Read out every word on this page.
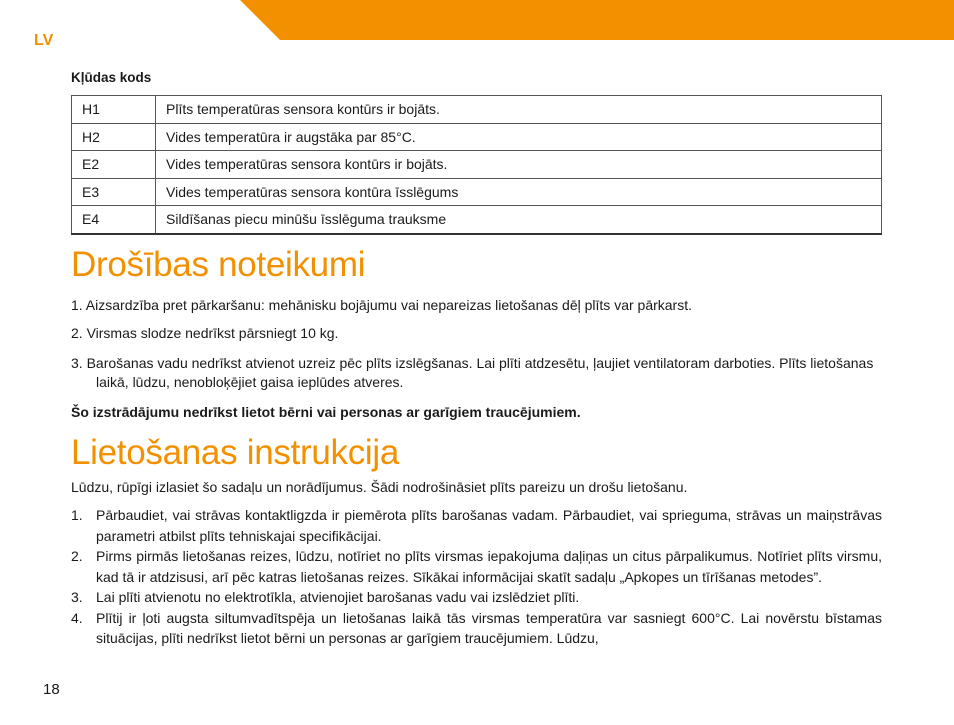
LV
Kļūdas kods
H1	Plīts temperatūras sensora kontūrs ir bojāts.
H2	Vides temperatūra ir augstāka par 85°C.
E2	Vides temperatūras sensora kontūrs ir bojāts.
E3	Vides temperatūras sensora kontūra īsslēgums
E4	Sildīšanas piecu minūšu īsslēguma trauksme
Drošības noteikumi

1. Aizsardzība pret pārkaršanu: mehānisku bojājumu vai nepareizas lietošanas dēļ plīts var pārkarst.

2. Virsmas slodze nedrīkst pārsniegt 10 kg.

3. Barošanas vadu nedrīkst atvienot uzreiz pēc plīts izslēgšanas. Lai plīti atdzesētu, ļaujiet ventilatoram darboties. Plīts lietošanas laikā, lūdzu, nenobloķējiet gaisa ieplūdes atveres.

Šo izstrādājumu nedrīkst lietot bērni vai personas ar garīgiem traucējumiem.

Lietošanas instrukcija

Lūdzu, rūpīgi izlasiet šo sadaļu un norādījumus. Šādi nodrošināsiet plīts pareizu un drošu lietošanu.

1. Pārbaudiet, vai strāvas kontaktligzda ir piemērota plīts barošanas vadam. Pārbaudiet, vai sprieguma, strāvas un maiņstrāvas parametri atbilst plīts tehniskajai specifikācijai.
2. Pirms pirmās lietošanas reizes, lūdzu, notīriet no plīts virsmas iepakojuma daļiņas un citus pārpalikumus. Notīriet plīts virsmu, kad tā ir atdzisusi, arī pēc katras lietošanas reizes. Sīkākai informācijai skatīt sadaļu „Apkopes un tīrīšanas metodes”.
3. Lai plīti atvienotu no elektrotīkla, atvienojiet barošanas vadu vai izslēdziet plīti.
4. Plītij ir ļoti augsta siltumvadītspēja un lietošanas laikā tās virsmas temperatūra var sasniegt 600°C. Lai novērstu bīstamas situācijas, plīti nedrīkst lietot bērni un personas ar garīgiem traucējumiem. Lūdzu,
18
